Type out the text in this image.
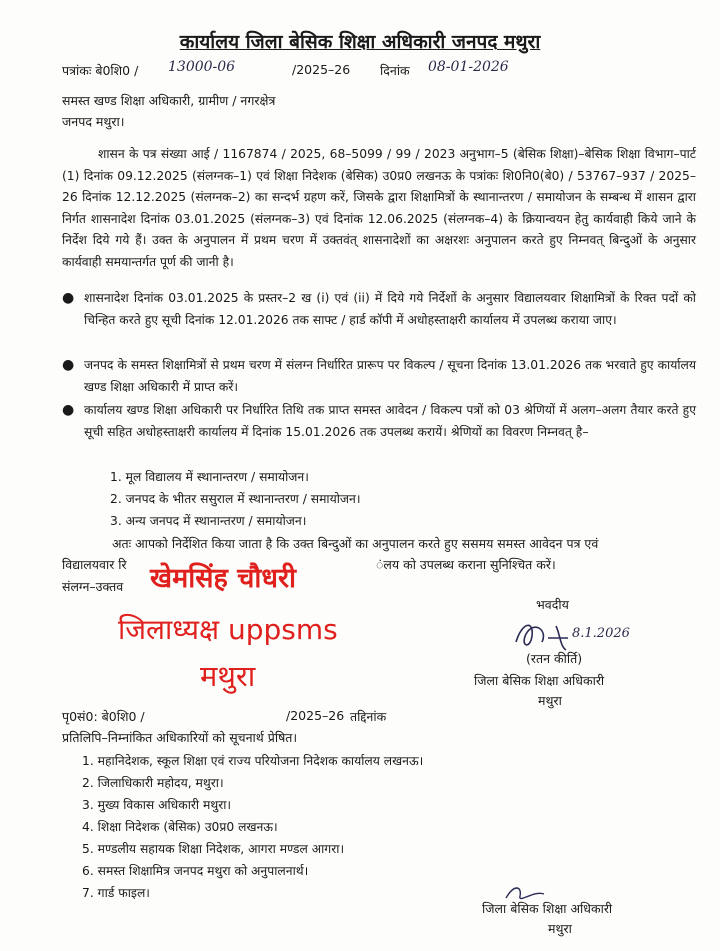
कार्यालय जिला बेसिक शिक्षा अधिकारी जनपद मथुरा
पत्रांकः बे0शि0 / 13000-06	/2025–26 दिनांक 08-01-2026
समस्त खण्ड शिक्षा अधिकारी, ग्रामीण / नगरक्षेत्र
जनपद मथुरा।
शासन के पत्र संख्या आई / 1167874 / 2025, 68–5099 / 99 / 2023 अनुभाग–5 (बेसिक शिक्षा)–बेसिक शिक्षा विभाग–पार्ट (1) दिनांक 09.12.2025 (संलग्नक–1) एवं शिक्षा निदेशक (बेसिक) उ0प्र0 लखनऊ के पत्रांकः शि0नि0(बे0) / 53767–937 / 2025–26 दिनांक 12.12.2025 (संलग्नक–2) का सन्दर्भ ग्रहण करें, जिसके द्वारा शिक्षामित्रों के स्थानान्तरण / समायोजन के सम्बन्ध में शासन द्वारा निर्गत शासनादेश दिनांक 03.01.2025 (संलग्नक–3) एवं दिनांक 12.06.2025 (संलग्नक–4) के क्रियान्वयन हेतु कार्यवाही किये जाने के निर्देश दिये गये हैं। उक्त के अनुपालन में प्रथम चरण में उक्तवंत् शासनादेशों का अक्षरशः अनुपालन करते हुए निम्नवत् बिन्दुओं के अनुसार कार्यवाही समयान्तर्गत पूर्ण की जानी है।
● शासनादेश दिनांक 03.01.2025 के प्रस्तर–2 ख (i) एवं (ii) में दिये गये निर्देशों के अनुसार विद्यालयवार शिक्षामित्रों के रिक्त पदों को चिन्हित करते हुए सूची दिनांक 12.01.2026 तक साफ्ट / हार्ड कॉपी में अधोहस्ताक्षरी कार्यालय में उपलब्ध कराया जाए।
● जनपद के समस्त शिक्षामित्रों से प्रथम चरण में संलग्न निर्धारित प्रारूप पर विकल्प / सूचना दिनांक 13.01.2026 तक भरवाते हुए कार्यालय खण्ड शिक्षा अधिकारी में प्राप्त करें।
● कार्यालय खण्ड शिक्षा अधिकारी पर निर्धारित तिथि तक प्राप्त समस्त आवेदन / विकल्प पत्रों को 03 श्रेणियों में अलग–अलग तैयार करते हुए सूची सहित अधोहस्ताक्षरी कार्यालय में दिनांक 15.01.2026 तक उपलब्ध करायें। श्रेणियों का विवरण निम्नवत् है–
1. मूल विद्यालय में स्थानान्तरण / समायोजन।
2. जनपद के भीतर ससुराल में स्थानान्तरण / समायोजन।
3. अन्य जनपद में स्थानान्तरण / समायोजन।
अतः आपको निर्देशित किया जाता है कि उक्त बिन्दुओं का अनुपालन करते हुए ससमय समस्त आवेदन पत्र एवं
विद्यालयवार रि	ंलय को उपलब्ध कराना सुनिश्चित करें।
संलग्न–उक्तव खेमसिंह चौधरी
जिलाध्यक्ष uppsms
मथुरा
भवदीय
8.1.2026
(रतन कीर्ति)
जिला बेसिक शिक्षा अधिकारी
मथुरा
पृ0सं0: बे0शि0 /	/2025–26 तद्दिनांक
प्रतिलिपि–निम्नांकित अधिकारियों को सूचनार्थ प्रेषित।
1. महानिदेशक, स्कूल शिक्षा एवं राज्य परियोजना निदेशक कार्यालय लखनऊ।
2. जिलाधिकारी महोदय, मथुरा।
3. मुख्य विकास अधिकारी मथुरा।
4. शिक्षा निदेशक (बेसिक) उ0प्र0 लखनऊ।
5. मण्डलीय सहायक शिक्षा निदेशक, आगरा मण्डल आगरा।
6. समस्त शिक्षामित्र जनपद मथुरा को अनुपालनार्थ।
7. गार्ड फाइल।
जिला बेसिक शिक्षा अधिकारी
मथुरा
